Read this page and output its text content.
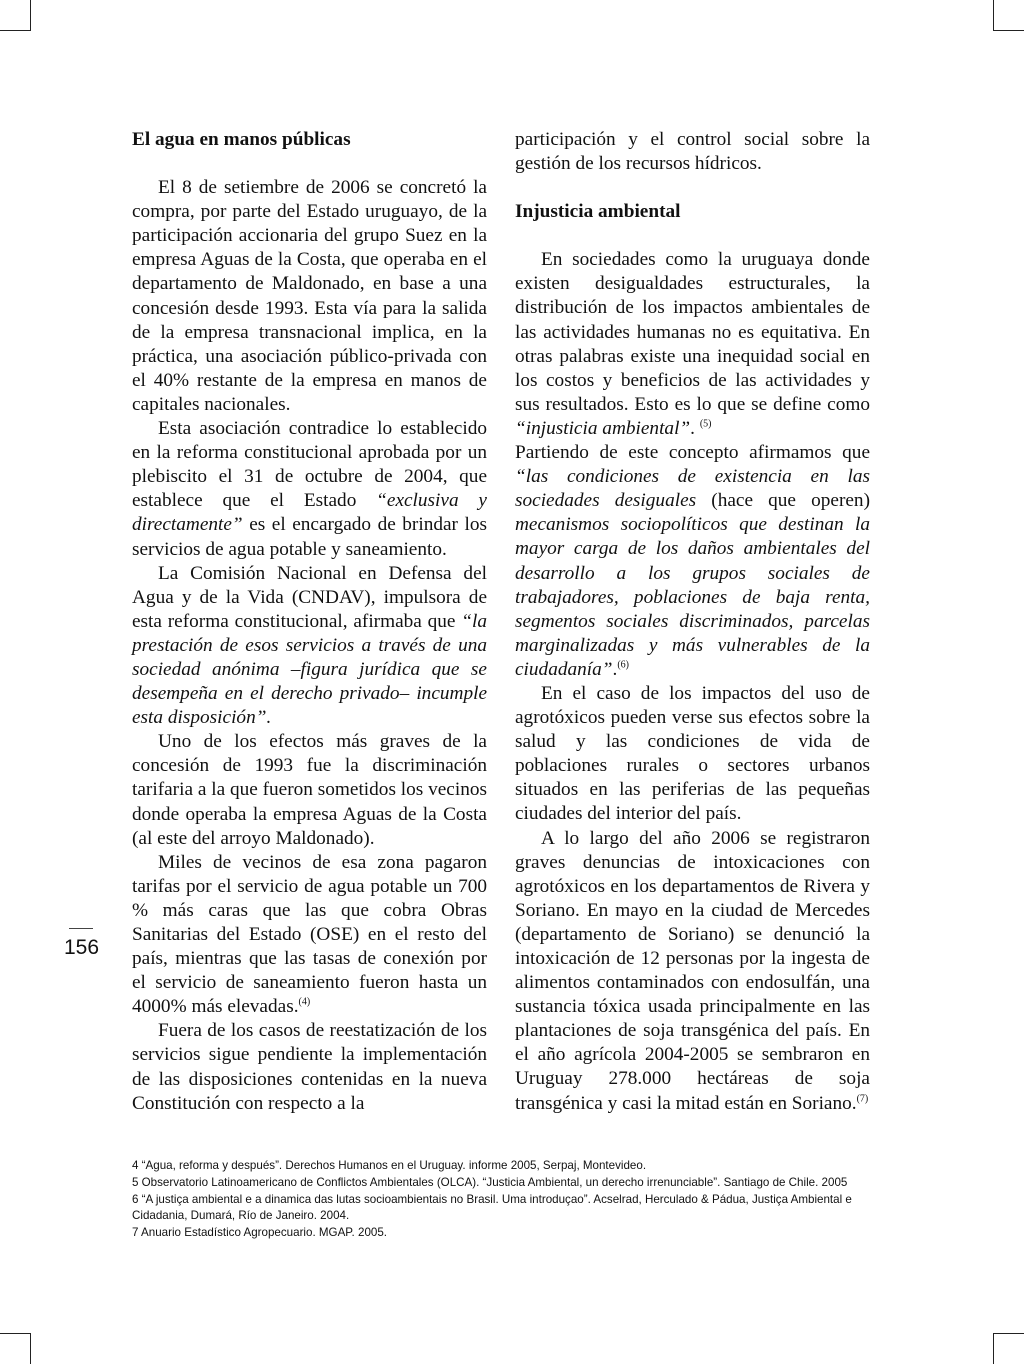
156
El agua en manos públicas

El 8 de setiembre de 2006 se concretó la compra, por parte del Estado uruguayo, de la participación accionaria del grupo Suez en la empresa Aguas de la Costa, que operaba en el departamento de Maldonado, en base a una concesión desde 1993. Esta vía para la salida de la empresa transnacional implica, en la práctica, una asociación público-privada con el 40% restante de la empresa en manos de capitales nacionales.

Esta asociación contradice lo establecido en la reforma constitucional aprobada por un plebiscito el 31 de octubre de 2004, que establece que el Estado “exclusiva y directamente” es el encargado de brindar los servicios de agua potable y saneamiento.

La Comisión Nacional en Defensa del Agua y de la Vida (CNDAV), impulsora de esta reforma constitucional, afirmaba que “la prestación de esos servicios a través de una sociedad anónima –figura jurídica que se desempeña en el derecho privado– incumple esta disposición”.

Uno de los efectos más graves de la concesión de 1993 fue la discriminación tarifaria a la que fueron sometidos los vecinos donde operaba la empresa Aguas de la Costa (al este del arroyo Maldonado).

Miles de vecinos de esa zona pagaron tarifas por el servicio de agua potable un 700 % más caras que las que cobra Obras Sanitarias del Estado (OSE) en el resto del país, mientras que las tasas de conexión por el servicio de saneamiento fueron hasta un 4000% más elevadas.$^{(4)}$

Fuera de los casos de reestatización de los servicios sigue pendiente la implementación de las disposiciones contenidas en la nueva Constitución con respecto a la

participación y el control social sobre la gestión de los recursos hídricos.

Injusticia ambiental

En sociedades como la uruguaya donde existen desigualdades estructurales, la distribución de los impactos ambientales de las actividades humanas no es equitativa. En otras palabras existe una inequidad social en los costos y beneficios de las actividades y sus resultados. Esto es lo que se define como “injusticia ambiental”. $^{(5)}$

Partiendo de este concepto afirmamos que “las condiciones de existencia en las sociedades desiguales (hace que operen) mecanismos sociopolíticos que destinan la mayor carga de los daños ambientales del desarrollo a los grupos sociales de trabajadores, poblaciones de baja renta, segmentos sociales discriminados, parcelas marginalizadas y más vulnerables de la ciudadanía”.$^{(6)}$

En el caso de los impactos del uso de agrotóxicos pueden verse sus efectos sobre la salud y las condiciones de vida de poblaciones rurales o sectores urbanos situados en las periferias de las pequeñas ciudades del interior del país.

A lo largo del año 2006 se registraron graves denuncias de intoxicaciones con agrotóxicos en los departamentos de Rivera y Soriano. En mayo en la ciudad de Mercedes (departamento de Soriano) se denunció la intoxicación de 12 personas por la ingesta de alimentos contaminados con endosulfán, una sustancia tóxica usada principalmente en las plantaciones de soja transgénica del país. En el año agrícola 2004-2005 se sembraron en Uruguay 278.000 hectáreas de soja transgénica y casi la mitad están en Soriano.$^{(7)}$

4 “Agua, reforma y después”. Derechos Humanos en el Uruguay. informe 2005, Serpaj, Montevideo.
5 Observatorio Latinoamericano de Conflictos Ambientales (OLCA). “Justicia Ambiental, un derecho irrenunciable”. Santiago de Chile. 2005
6 “A justiça ambiental e a dinamica das lutas socioambientais no Brasil. Uma introduçao”. Acselrad, Herculado & Pádua, Justiça Ambiental e Cidadania, Dumará, Río de Janeiro. 2004.
7 Anuario Estadístico Agropecuario. MGAP. 2005.
